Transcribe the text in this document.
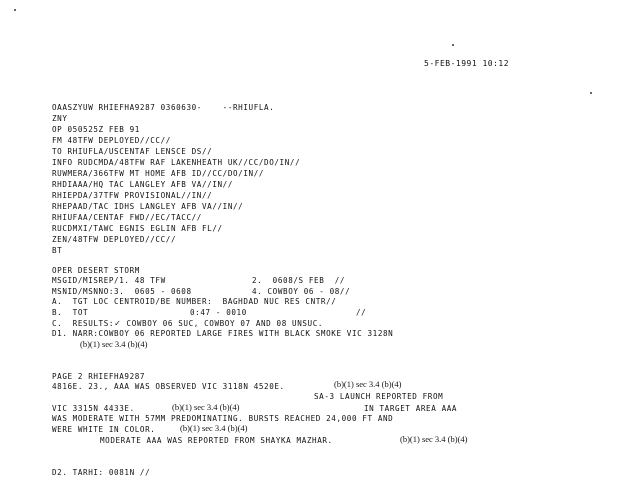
5-FEB-1991 10:12
OAASZYUW RHIEFHA9287 0360630-    --RHIUFLA.
ZNY
OP 050525Z FEB 91
FM 48TFW DEPLOYED//CC//
TO RHIUFLA/USCENTAF LENSCE DS//
INFO RUDCMDA/48TFW RAF LAKENHEATH UK//CC/DO/IN//
RUWMERA/366TFW MT HOME AFB ID//CC/DO/IN//
RHDIAAA/HQ TAC LANGLEY AFB VA//IN//
RHIEPDA/37TFW PROVISIONAL//IN//
RHEPAAD/TAC IDHS LANGLEY AFB VA//IN//
RHIUFAA/CENTAF FWD//EC/TACC//
RUCDMXI/TAWC EGNIS EGLIN AFB FL//
ZEN/48TFW DEPLOYED//CC//
BT
OPER DESERT STORM
MSGID/MISREP/1. 48 TFW	2.  0608/S FEB  //
MSNID/MSNNO:3.  0605 - 0608	4. COWBOY 06 - 08//
A.  TGT LOC CENTROID/BE NUMBER:  BAGHDAD NUC RES CNTR//
B.  TOT	0:47 - 0010	//
C.  RESULTS:✓ COWBOY 06 SUC, COWBOY 07 AND 08 UNSUC.
D1. NARR:COWBOY 06 REPORTED LARGE FIRES WITH BLACK SMOKE VIC 3128N
(b)(1) sec 3.4 (b)(4)
PAGE 2 RHIEFHA9287
4816E. 23., AAA WAS OBSERVED VIC 3118N 4520E.	(b)(1) sec 3.4 (b)(4)
SA-3 LAUNCH REPORTED FROM
VIC 3315N 4433E.	(b)(1) sec 3.4 (b)(4)	IN TARGET AREA AAA
WAS MODERATE WITH 57MM PREDOMINATING. BURSTS REACHED 24,000 FT AND
WERE WHITE IN COLOR.	(b)(1) sec 3.4 (b)(4)
MODERATE AAA WAS REPORTED FROM SHAYKA MAZHAR.	(b)(1) sec 3.4 (b)(4)
D2. TARHI: 0081N //
